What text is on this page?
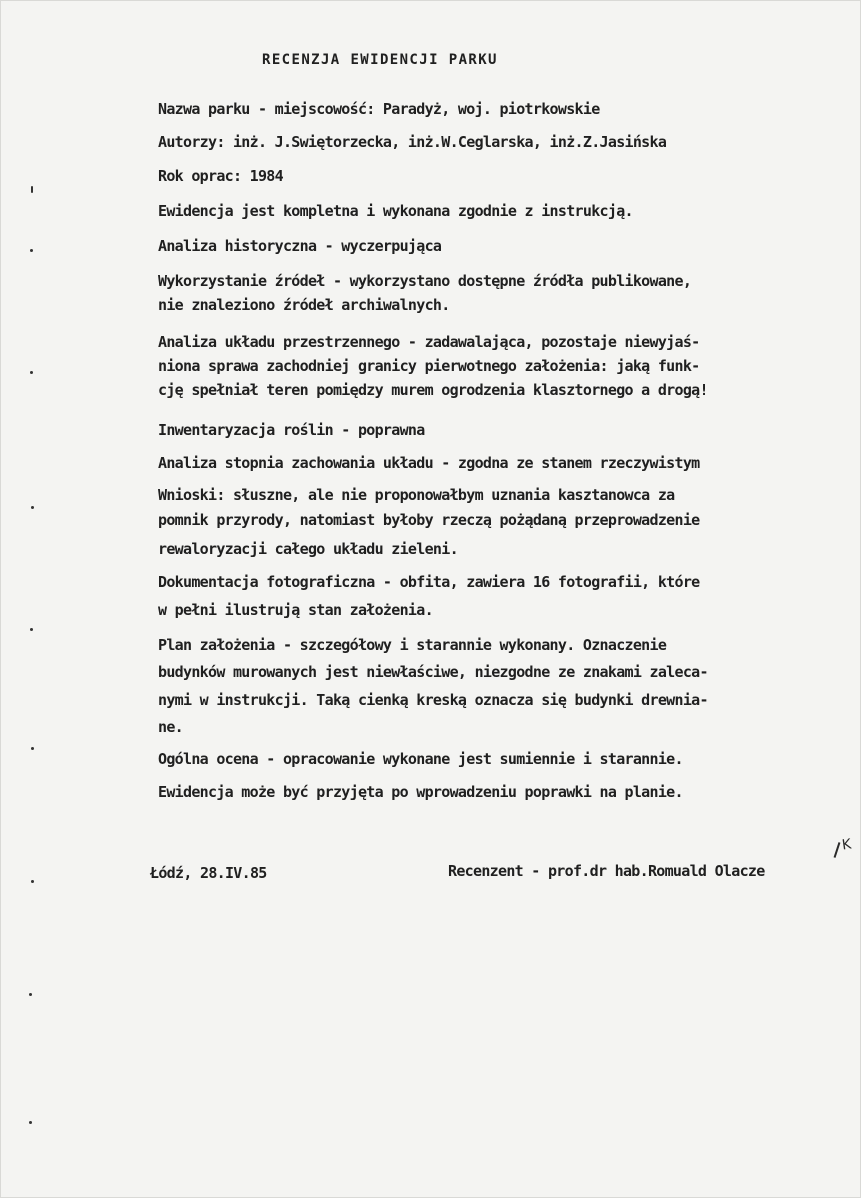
RECENZJA EWIDENCJI PARKU
Nazwa parku - miejscowość: Paradyż, woj. piotrkowskie
Autorzy: inż. J.Swiętorzecka, inż.W.Ceglarska, inż.Z.Jasińska
Rok oprac: 1984
Ewidencja jest kompletna i wykonana zgodnie z instrukcją.
Analiza historyczna - wyczerpująca
Wykorzystanie źródeł - wykorzystano dostępne źródła publikowane,
nie znaleziono źródeł archiwalnych.
Analiza układu przestrzennego - zadawalająca, pozostaje niewyjaś-
niona sprawa zachodniej granicy pierwotnego założenia: jaką funk-
cję spełniał teren pomiędzy murem ogrodzenia klasztornego a drogą!
Inwentaryzacja roślin - poprawna
Analiza stopnia zachowania układu - zgodna ze stanem rzeczywistym
Wnioski: słuszne, ale nie proponowałbym uznania kasztanowca za
pomnik przyrody, natomiast byłoby rzeczą pożądaną przeprowadzenie
rewaloryzacji całego układu zieleni.
Dokumentacja fotograficzna - obfita, zawiera 16 fotografii, które
w pełni ilustrują stan założenia.
Plan założenia - szczegółowy i starannie wykonany. Oznaczenie
budynków murowanych jest niewłaściwe, niezgodne ze znakami zaleca-
nymi w instrukcji. Taką cienką kreską oznacza się budynki drewnia-
ne.
Ogólna ocena - opracowanie wykonane jest sumiennie i starannie.
Ewidencja może być przyjęta po wprowadzeniu poprawki na planie.
Łódź, 28.IV.85	Recenzent - prof.dr hab.Romuald Olacze
K
